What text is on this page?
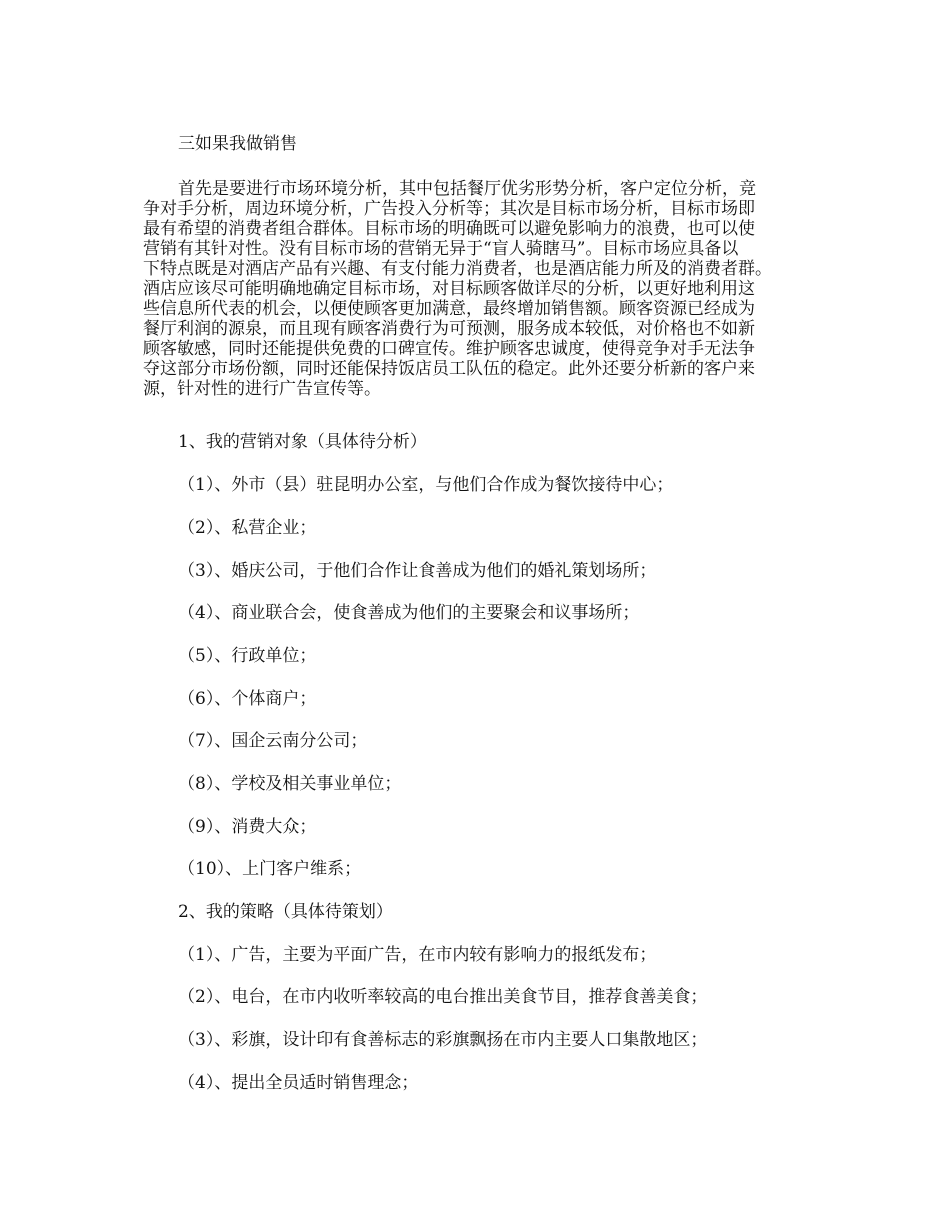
三如果我做销售
首先是要进行市场环境分析，其中包括餐厅优劣形势分析，客户定位分析，竞
争对手分析，周边环境分析，广告投入分析等；其次是目标市场分析，目标市场即
最有希望的消费者组合群体。目标市场的明确既可以避免影响力的浪费，也可以使
营销有其针对性。没有目标市场的营销无异于“盲人骑瞎马”。目标市场应具备以
下特点既是对酒店产品有兴趣、有支付能力消费者，也是酒店能力所及的消费者群。
酒店应该尽可能明确地确定目标市场，对目标顾客做详尽的分析，以更好地利用这
些信息所代表的机会，以便使顾客更加满意，最终增加销售额。顾客资源已经成为
餐厅利润的源泉，而且现有顾客消费行为可预测，服务成本较低，对价格也不如新
顾客敏感，同时还能提供免费的口碑宣传。维护顾客忠诚度，使得竞争对手无法争
夺这部分市场份额，同时还能保持饭店员工队伍的稳定。此外还要分析新的客户来
源，针对性的进行广告宣传等。
1、我的营销对象（具体待分析）
（1）、外市（县）驻昆明办公室，与他们合作成为餐饮接待中心；
（2）、私营企业；
（3）、婚庆公司，于他们合作让食善成为他们的婚礼策划场所；
（4）、商业联合会，使食善成为他们的主要聚会和议事场所；
（5）、行政单位；
（6）、个体商户；
（7）、国企云南分公司；
（8）、学校及相关事业单位；
（9）、消费大众；
（10）、上门客户维系；
2、我的策略（具体待策划）
（1）、广告，主要为平面广告，在市内较有影响力的报纸发布；
（2）、电台，在市内收听率较高的电台推出美食节目，推荐食善美食；
（3）、彩旗，设计印有食善标志的彩旗飘扬在市内主要人口集散地区；
（4）、提出全员适时销售理念；
